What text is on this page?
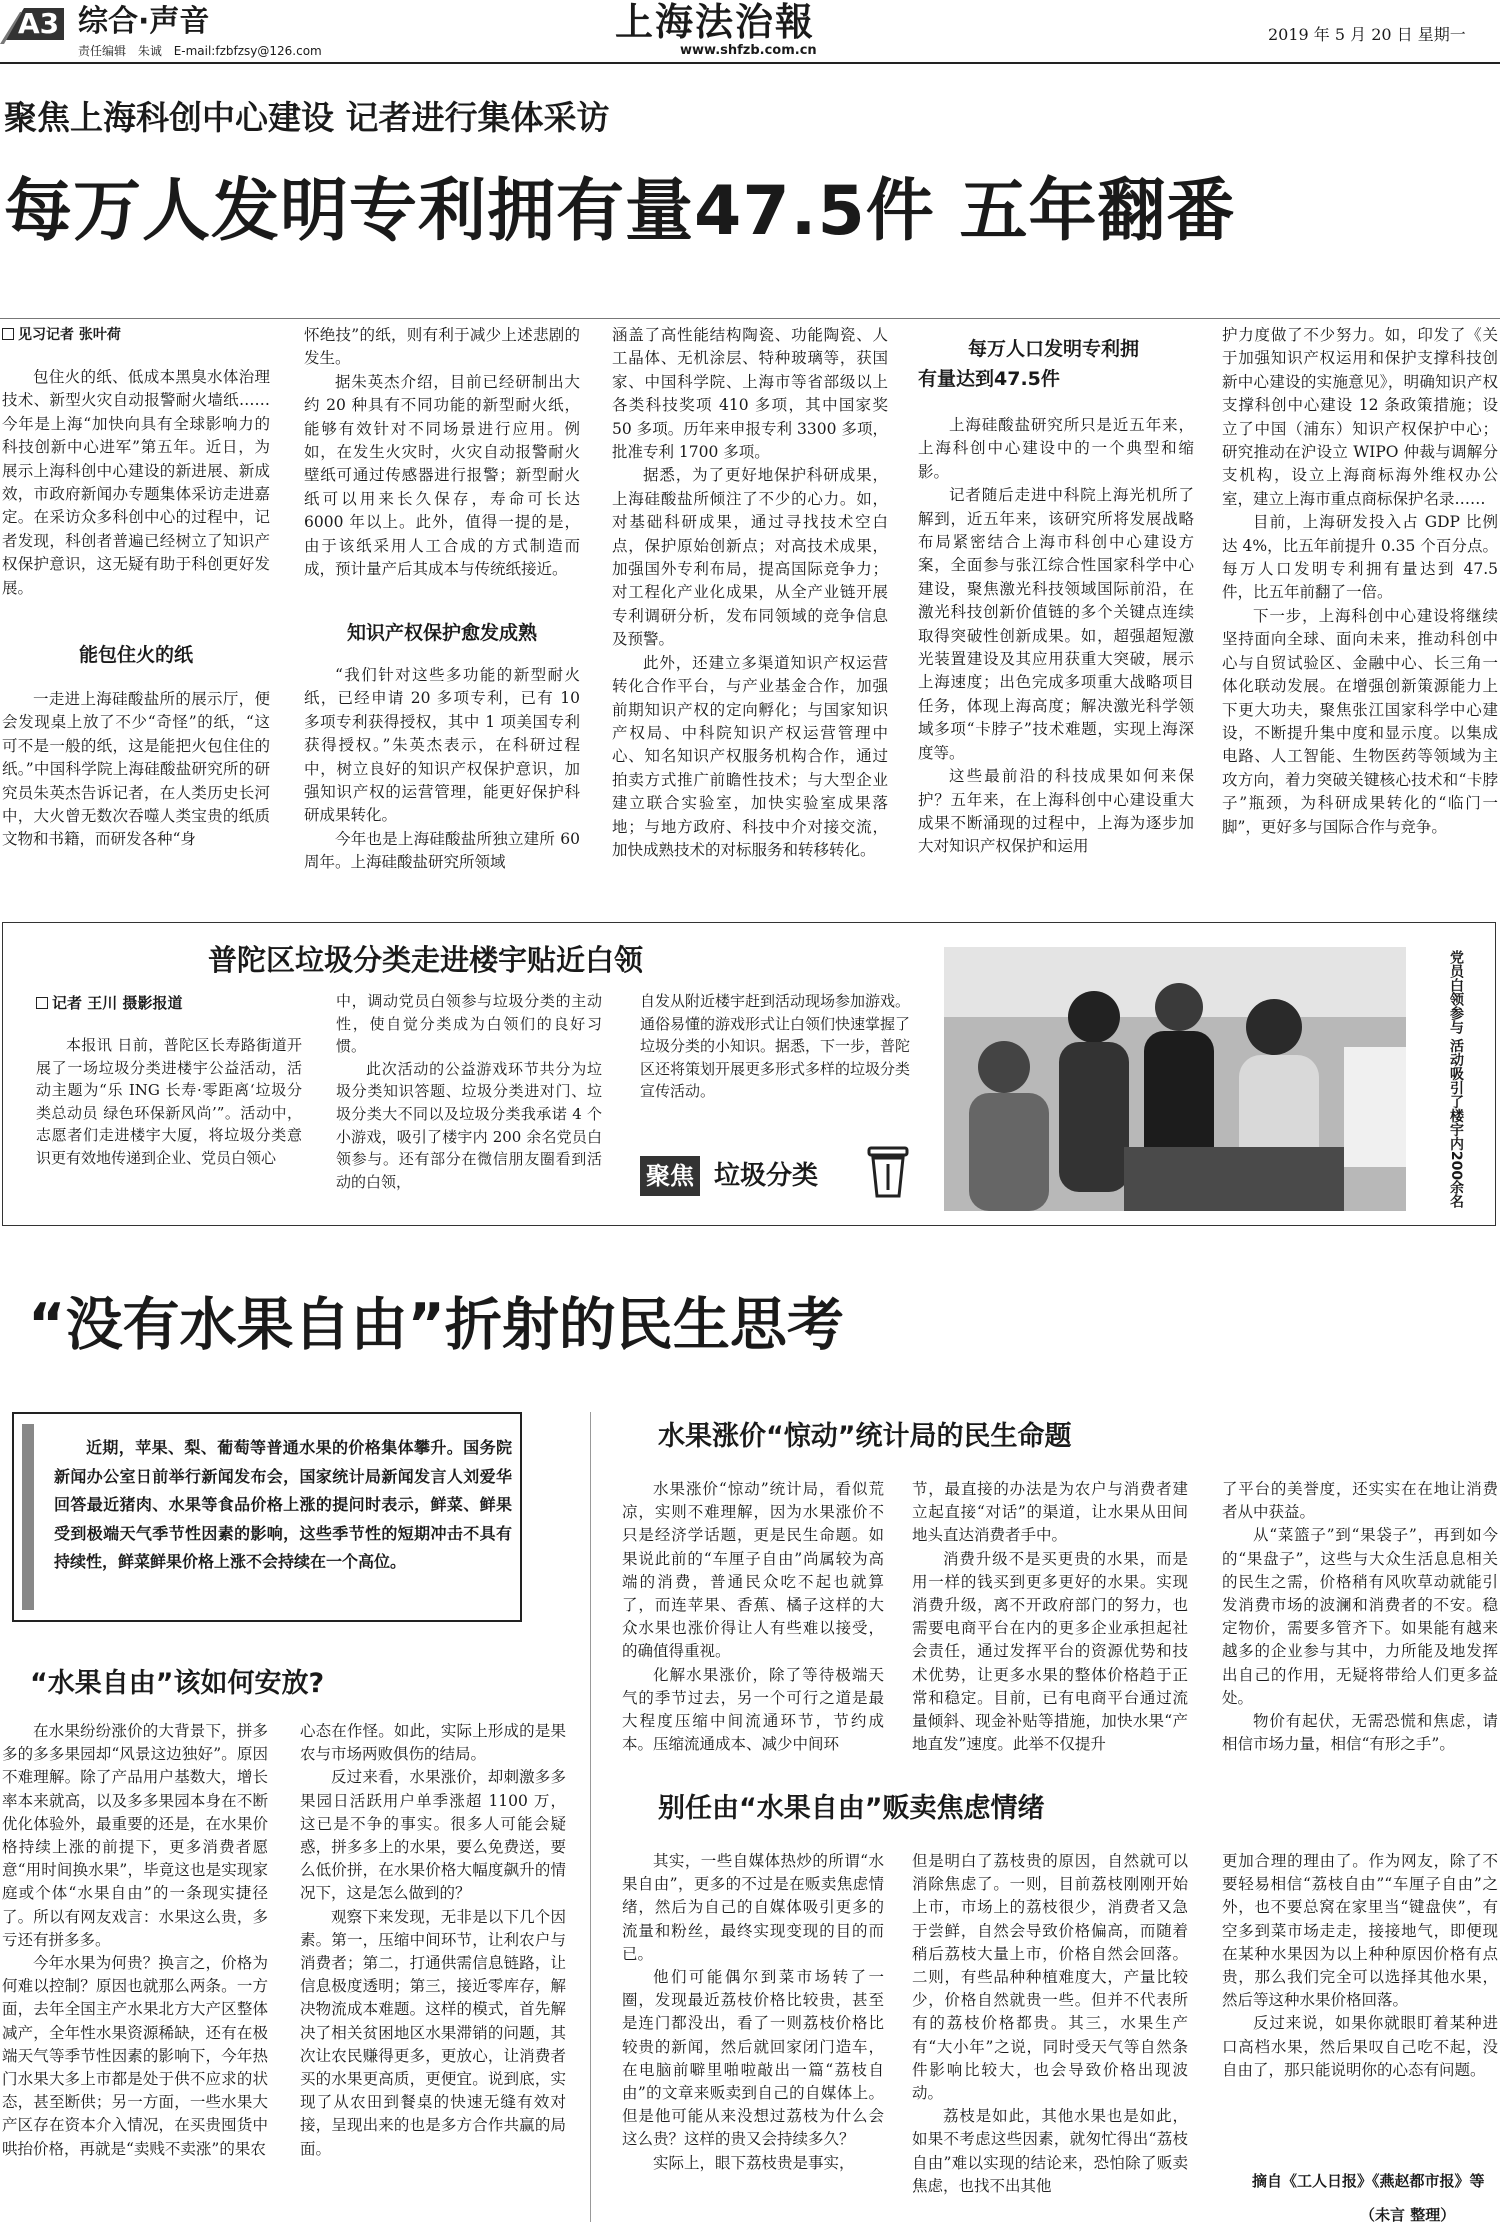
A3 综合·声音
责任编辑 朱诚 E-mail:fzbfzsy@126.com
上海法治報
www.shfzb.com.cn
2019 年 5 月 20 日 星期一
聚焦上海科创中心建设 记者进行集体采访
每万人发明专利拥有量47.5件 五年翻番
见习记者 张叶荷

包住火的纸、低成本黑臭水体治理技术、新型火灾自动报警耐火墙纸……今年是上海“加快向具有全球影响力的科技创新中心进军”第五年。近日，为展示上海科创中心建设的新进展、新成效，市政府新闻办专题集体采访走进嘉定。在采访众多科创中心的过程中，记者发现，科创者普遍已经树立了知识产权保护意识，这无疑有助于科创更好发展。

能包住火的纸

一走进上海硅酸盐所的展示厅，便会发现桌上放了不少“奇怪”的纸，“这可不是一般的纸，这是能把火包住住的纸。”中国科学院上海硅酸盐研究所的研究员朱英杰告诉记者，在人类历史长河中，大火曾无数次吞噬人类宝贵的纸质文物和书籍，而研发各种“身

怀绝技”的纸，则有利于减少上述悲剧的发生。

据朱英杰介绍，目前已经研制出大约 20 种具有不同功能的新型耐火纸，能够有效针对不同场景进行应用。例如，在发生火灾时，火灾自动报警耐火壁纸可通过传感器进行报警；新型耐火纸可以用来长久保存，寿命可长达 6000 年以上。此外，值得一提的是，由于该纸采用人工合成的方式制造而成，预计量产后其成本与传统纸接近。

知识产权保护愈发成熟

“我们针对这些多功能的新型耐火纸，已经申请 20 多项专利，已有 10 多项专利获得授权，其中 1 项美国专利获得授权。”朱英杰表示，在科研过程中，树立良好的知识产权保护意识，加强知识产权的运营管理，能更好保护科研成果转化。

今年也是上海硅酸盐所独立建所 60 周年。上海硅酸盐研究所领域

涵盖了高性能结构陶瓷、功能陶瓷、人工晶体、无机涂层、特种玻璃等，获国家、中国科学院、上海市等省部级以上各类科技奖项 410 多项，其中国家奖 50 多项。历年来申报专利 3300 多项，批准专利 1700 多项。

据悉，为了更好地保护科研成果，上海硅酸盐所倾注了不少的心力。如，对基础科研成果，通过寻找技术空白点，保护原始创新点；对高技术成果，加强国外专利布局，提高国际竞争力；对工程化产业化成果，从全产业链开展专利调研分析，发布同领域的竞争信息及预警。

此外，还建立多渠道知识产权运营转化合作平台，与产业基金合作，加强前期知识产权的定向孵化；与国家知识产权局、中科院知识产权运营管理中心、知名知识产权服务机构合作，通过拍卖方式推广前瞻性技术；与大型企业建立联合实验室，加快实验室成果落地；与地方政府、科技中介对接交流，加快成熟技术的对标服务和转移转化。

每万人口发明专利拥
有量达到47.5件

上海硅酸盐研究所只是近五年来，上海科创中心建设中的一个典型和缩影。

记者随后走进中科院上海光机所了解到，近五年来，该研究所将发展战略布局紧密结合上海市科创中心建设方案，全面参与张江综合性国家科学中心建设，聚焦激光科技领域国际前沿，在激光科技创新价值链的多个关键点连续取得突破性创新成果。如，超强超短激光装置建设及其应用获重大突破，展示上海速度；出色完成多项重大战略项目任务，体现上海高度；解决激光科学领域多项“卡脖子”技术难题，实现上海深度等。

这些最前沿的科技成果如何来保护？五年来，在上海科创中心建设重大成果不断涌现的过程中，上海为逐步加大对知识产权保护和运用

护力度做了不少努力。如，印发了《关于加强知识产权运用和保护支撑科技创新中心建设的实施意见》，明确知识产权支撑科创中心建设 12 条政策措施；设立了中国（浦东）知识产权保护中心；研究推动在沪设立 WIPO 仲裁与调解分支机构，设立上海商标海外维权办公室，建立上海市重点商标保护名录……

目前，上海研发投入占 GDP 比例达 4%，比五年前提升 0.35 个百分点。每万人口发明专利拥有量达到 47.5 件，比五年前翻了一倍。

下一步，上海科创中心建设将继续坚持面向全球、面向未来，推动科创中心与自贸试验区、金融中心、长三角一体化联动发展。在增强创新策源能力上下更大功夫，聚焦张江国家科学中心建设，不断提升集中度和显示度。以集成电路、人工智能、生物医药等领域为主攻方向，着力突破关键核心技术和“卡脖子”瓶颈，为科研成果转化的“临门一脚”，更好多与国际合作与竞争。

普陀区垃圾分类走进楼宇贴近白领
记者 王川 摄影报道

本报讯 日前，普陀区长寿路街道开展了一场垃圾分类进楼宇公益活动，活动主题为“乐 ING 长寿·零距离‘垃圾分类总动员 绿色环保新风尚’”。活动中，志愿者们走进楼宇大厦，将垃圾分类意识更有效地传递到企业、党员白领心

中，调动党员白领参与垃圾分类的主动性，使自觉分类成为白领们的良好习惯。

此次活动的公益游戏环节共分为垃圾分类知识答题、垃圾分类进对门、垃圾分类大不同以及垃圾分类我承诺 4 个小游戏，吸引了楼宇内 200 余名党员白领参与。还有部分在微信朋友圈看到活动的白领，

自发从附近楼宇赶到活动现场参加游戏。通俗易懂的游戏形式让白领们快速掌握了垃圾分类的小知识。据悉，下一步，普陀区还将策划开展更多形式多样的垃圾分类宣传活动。

聚焦 垃圾分类	党员白领参与 活动吸引了楼宇内200余名
“没有水果自由”折射的民生思考
近期，苹果、梨、葡萄等普通水果的价格集体攀升。国务院新闻办公室日前举行新闻发布会，国家统计局新闻发言人刘爱华回答最近猪肉、水果等食品价格上涨的提问时表示，鲜菜、鲜果受到极端天气季节性因素的影响，这些季节性的短期冲击不具有持续性，鲜菜鲜果价格上涨不会持续在一个高位。
“水果自由”该如何安放?

在水果纷纷涨价的大背景下，拼多多的多多果园却“风景这边独好”。原因不难理解。除了产品用户基数大，增长率本来就高，以及多多果园本身在不断优化体验外，最重要的还是，在水果价格持续上涨的前提下，更多消费者愿意“用时间换水果”，毕竟这也是实现家庭或个体“水果自由”的一条现实捷径了。所以有网友戏言：水果这么贵，多亏还有拼多多。

今年水果为何贵？换言之，价格为何难以控制？原因也就那么两条。一方面，去年全国主产水果北方大产区整体减产，全年性水果资源稀缺，还有在极端天气等季节性因素的影响下，今年热门水果大多上市都是处于供不应求的状态，甚至断供；另一方面，一些水果大产区存在资本介入情况，在买贵囤货中哄抬价格，再就是“卖贱不卖涨”的果农

心态在作怪。如此，实际上形成的是果农与市场两败俱伤的结局。

反过来看，水果涨价，却刺激多多果园日活跃用户单季涨超 1100 万，这已是不争的事实。很多人可能会疑惑，拼多多上的水果，要么免费送，要么低价拼，在水果价格大幅度飙升的情况下，这是怎么做到的？

观察下来发现，无非是以下几个因素。第一，压缩中间环节，让利农户与消费者；第二，打通供需信息链路，让信息极度透明；第三，接近零库存，解决物流成本难题。这样的模式，首先解决了相关贫困地区水果滞销的问题，其次让农民赚得更多，更放心，让消费者买的水果更高质，更便宜。说到底，实现了从农田到餐桌的快速无缝有效对接，呈现出来的也是多方合作共赢的局面。

水果涨价“惊动”统计局的民生命题

水果涨价“惊动”统计局，看似荒凉，实则不难理解，因为水果涨价不只是经济学话题，更是民生命题。如果说此前的“车厘子自由”尚属较为高端的消费，普通民众吃不起也就算了，而连苹果、香蕉、橘子这样的大众水果也涨价得让人有些难以接受，的确值得重视。

化解水果涨价，除了等待极端天气的季节过去，另一个可行之道是最大程度压缩中间流通环节，节约成本。压缩流通成本、减少中间环

节，最直接的办法是为农户与消费者建立起直接“对话”的渠道，让水果从田间地头直达消费者手中。

消费升级不是买更贵的水果，而是用一样的钱买到更多更好的水果。实现消费升级，离不开政府部门的努力，也需要电商平台在内的更多企业承担起社会责任，通过发挥平台的资源优势和技术优势，让更多水果的整体价格趋于正常和稳定。目前，已有电商平台通过流量倾斜、现金补贴等措施，加快水果“产地直发”速度。此举不仅提升

了平台的美誉度，还实实在在地让消费者从中获益。

从“菜篮子”到“果袋子”，再到如今的“果盘子”，这些与大众生活息息相关的民生之需，价格稍有风吹草动就能引发消费市场的波澜和消费者的不安。稳定物价，需要多管齐下。如果能有越来越多的企业参与其中，力所能及地发挥出自己的作用，无疑将带给人们更多益处。

物价有起伏，无需恐慌和焦虑，请相信市场力量，相信“有形之手”。

别任由“水果自由”贩卖焦虑情绪

其实，一些自媒体热炒的所谓“水果自由”，更多的不过是在贩卖焦虑情绪，然后为自己的自媒体吸引更多的流量和粉丝，最终实现变现的目的而已。

他们可能偶尔到菜市场转了一圈，发现最近荔枝价格比较贵，甚至是连门都没出，看了一则荔枝价格比较贵的新闻，然后就回家闭门造车，在电脑前噼里啪啦敲出一篇“荔枝自由”的文章来贩卖到自己的自媒体上。但是他可能从来没想过荔枝为什么会这么贵？这样的贵又会持续多久？

实际上，眼下荔枝贵是事实，

但是明白了荔枝贵的原因，自然就可以消除焦虑了。一则，目前荔枝刚刚开始上市，市场上的荔枝很少，消费者又急于尝鲜，自然会导致价格偏高，而随着稍后荔枝大量上市，价格自然会回落。二则，有些品种种植难度大，产量比较少，价格自然就贵一些。但并不代表所有的荔枝价格都贵。其三，水果生产有“大小年”之说，同时受天气等自然条件影响比较大，也会导致价格出现波动。

荔枝是如此，其他水果也是如此，如果不考虑这些因素，就匆忙得出“荔枝自由”难以实现的结论来，恐怕除了贩卖焦虑，也找不出其他

更加合理的理由了。作为网友，除了不要轻易相信“荔枝自由”“车厘子自由”之外，也不要总窝在家里当“键盘侠”，有空多到菜市场走走，接接地气，即便现在某种水果因为以上种种原因价格有点贵，那么我们完全可以选择其他水果，然后等这种水果价格回落。

反过来说，如果你就眼盯着某种进口高档水果，然后果叹自己吃不起，没自由了，那只能说明你的心态有问题。

摘自《工人日报》《燕赵都市报》等
（未言 整理）
